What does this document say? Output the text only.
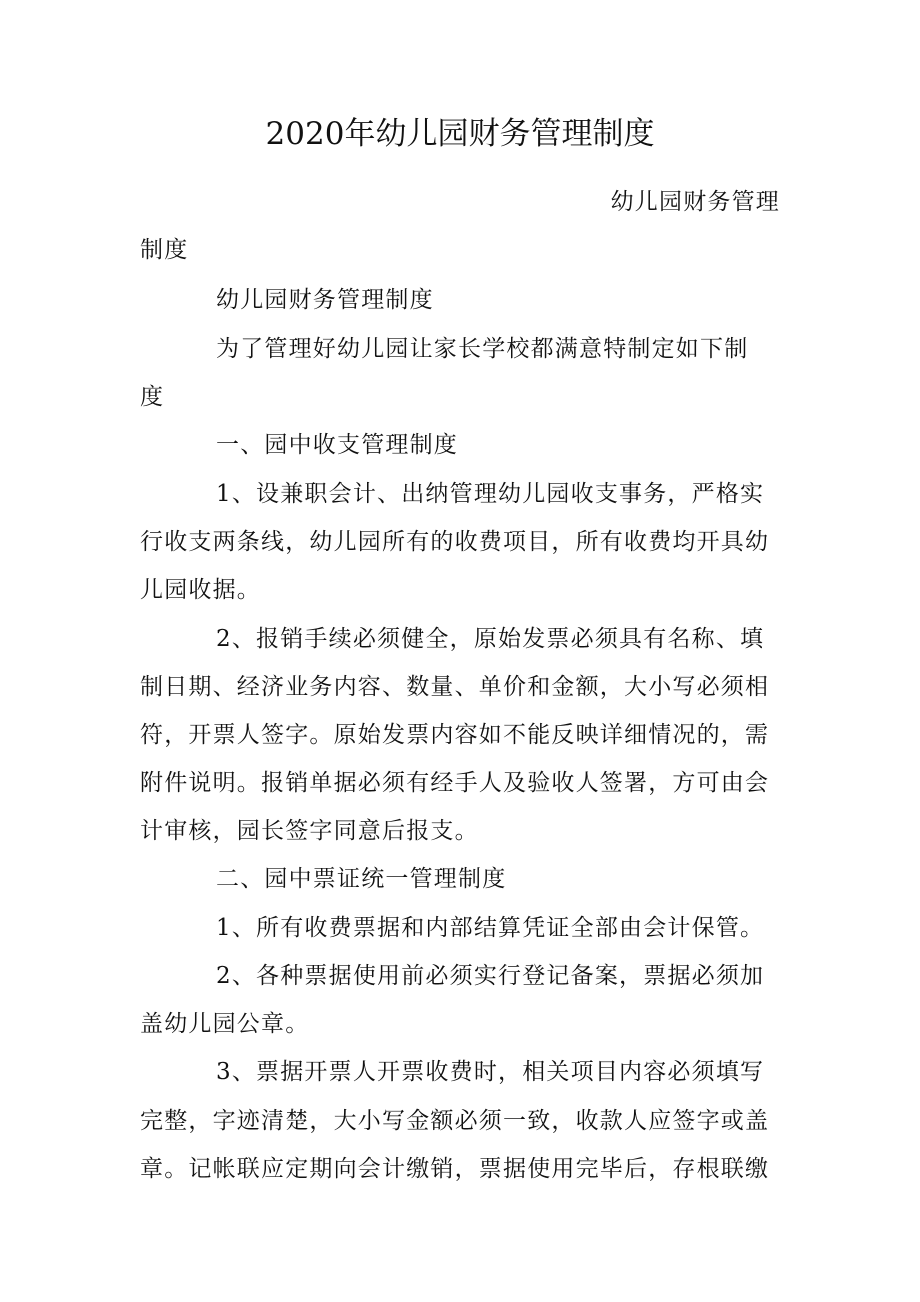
2020年幼儿园财务管理制度
幼儿园财务管理
制度
幼儿园财务管理制度
为了管理好幼儿园让家长学校都满意特制定如下制
度
一、园中收支管理制度
1、设兼职会计、出纳管理幼儿园收支事务，严格实
行收支两条线，幼儿园所有的收费项目，所有收费均开具幼
儿园收据。
2、报销手续必须健全，原始发票必须具有名称、填
制日期、经济业务内容、数量、单价和金额，大小写必须相
符，开票人签字。原始发票内容如不能反映详细情况的，需
附件说明。报销单据必须有经手人及验收人签署，方可由会
计审核，园长签字同意后报支。
二、园中票证统一管理制度
1、所有收费票据和内部结算凭证全部由会计保管。
2、各种票据使用前必须实行登记备案，票据必须加
盖幼儿园公章。
3、票据开票人开票收费时，相关项目内容必须填写
完整，字迹清楚，大小写金额必须一致，收款人应签字或盖
章。记帐联应定期向会计缴销，票据使用完毕后，存根联缴
